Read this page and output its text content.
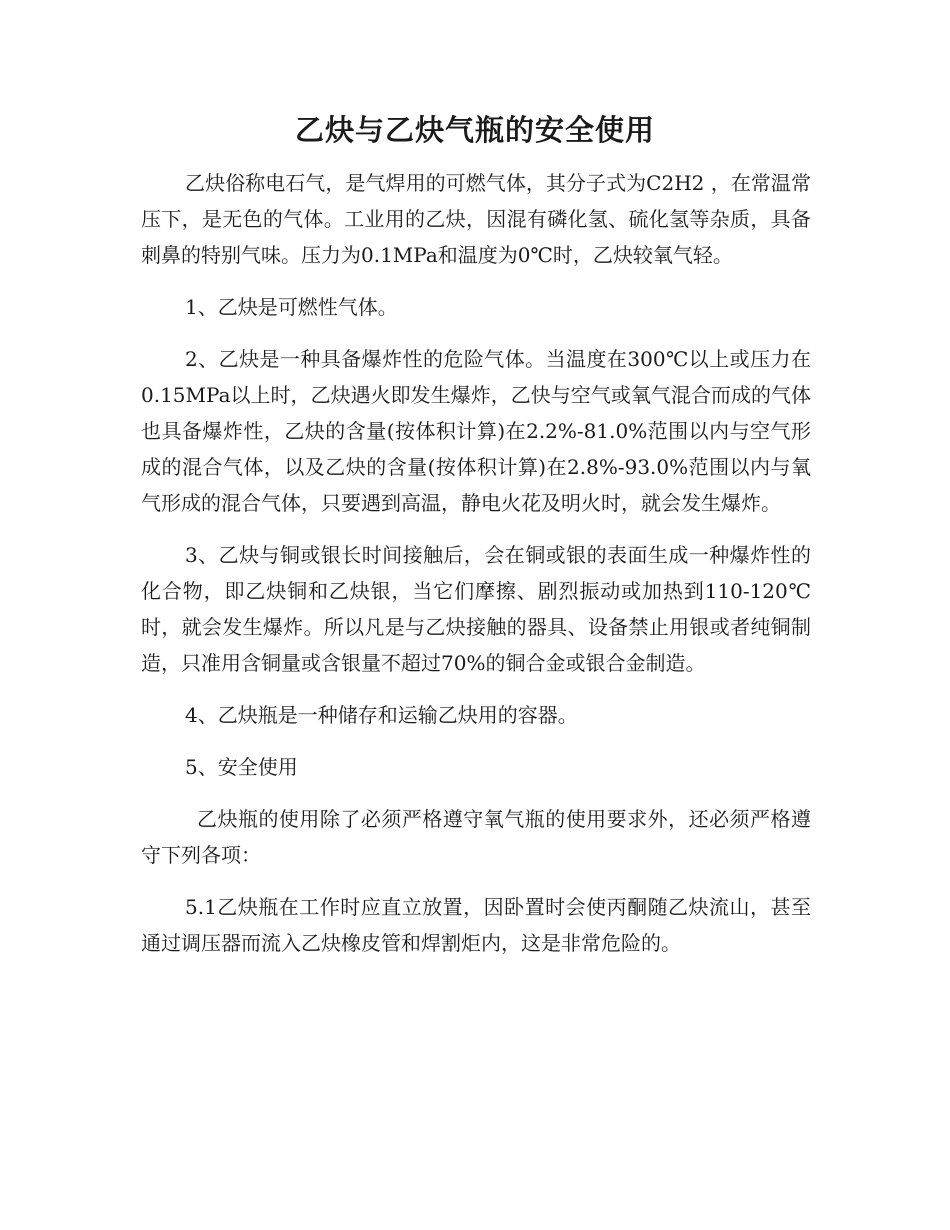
乙炔与乙炔气瓶的安全使用

乙炔俗称电石气，是气焊用的可燃气体，其分子式为C2H2 ，在常温常压下，是无色的气体。工业用的乙炔，因混有磷化氢、硫化氢等杂质，具备刺鼻的特别气味。压力为0.1MPa和温度为0℃时，乙炔较氧气轻。

1、乙炔是可燃性气体。

2、乙炔是一种具备爆炸性的危险气体。当温度在300℃以上或压力在0.15MPa以上时，乙炔遇火即发生爆炸，乙快与空气或氧气混合而成的气体也具备爆炸性，乙炔的含量(按体积计算)在2.2%-81.0%范围以内与空气形成的混合气体，以及乙炔的含量(按体积计算)在2.8%-93.0%范围以内与氧气形成的混合气体，只要遇到高温，静电火花及明火时，就会发生爆炸。

3、乙炔与铜或银长时间接触后，会在铜或银的表面生成一种爆炸性的化合物，即乙炔铜和乙炔银，当它们摩擦、剧烈振动或加热到110-120℃时，就会发生爆炸。所以凡是与乙炔接触的器具、设备禁止用银或者纯铜制造，只准用含铜量或含银量不超过70%的铜合金或银合金制造。

4、乙炔瓶是一种储存和运输乙炔用的容器。

5、安全使用

乙炔瓶的使用除了必须严格遵守氧气瓶的使用要求外，还必须严格遵守下列各项：

5.1乙炔瓶在工作时应直立放置，因卧置时会使丙酮随乙炔流山，甚至通过调压器而流入乙炔橡皮管和焊割炬内，这是非常危险的。
